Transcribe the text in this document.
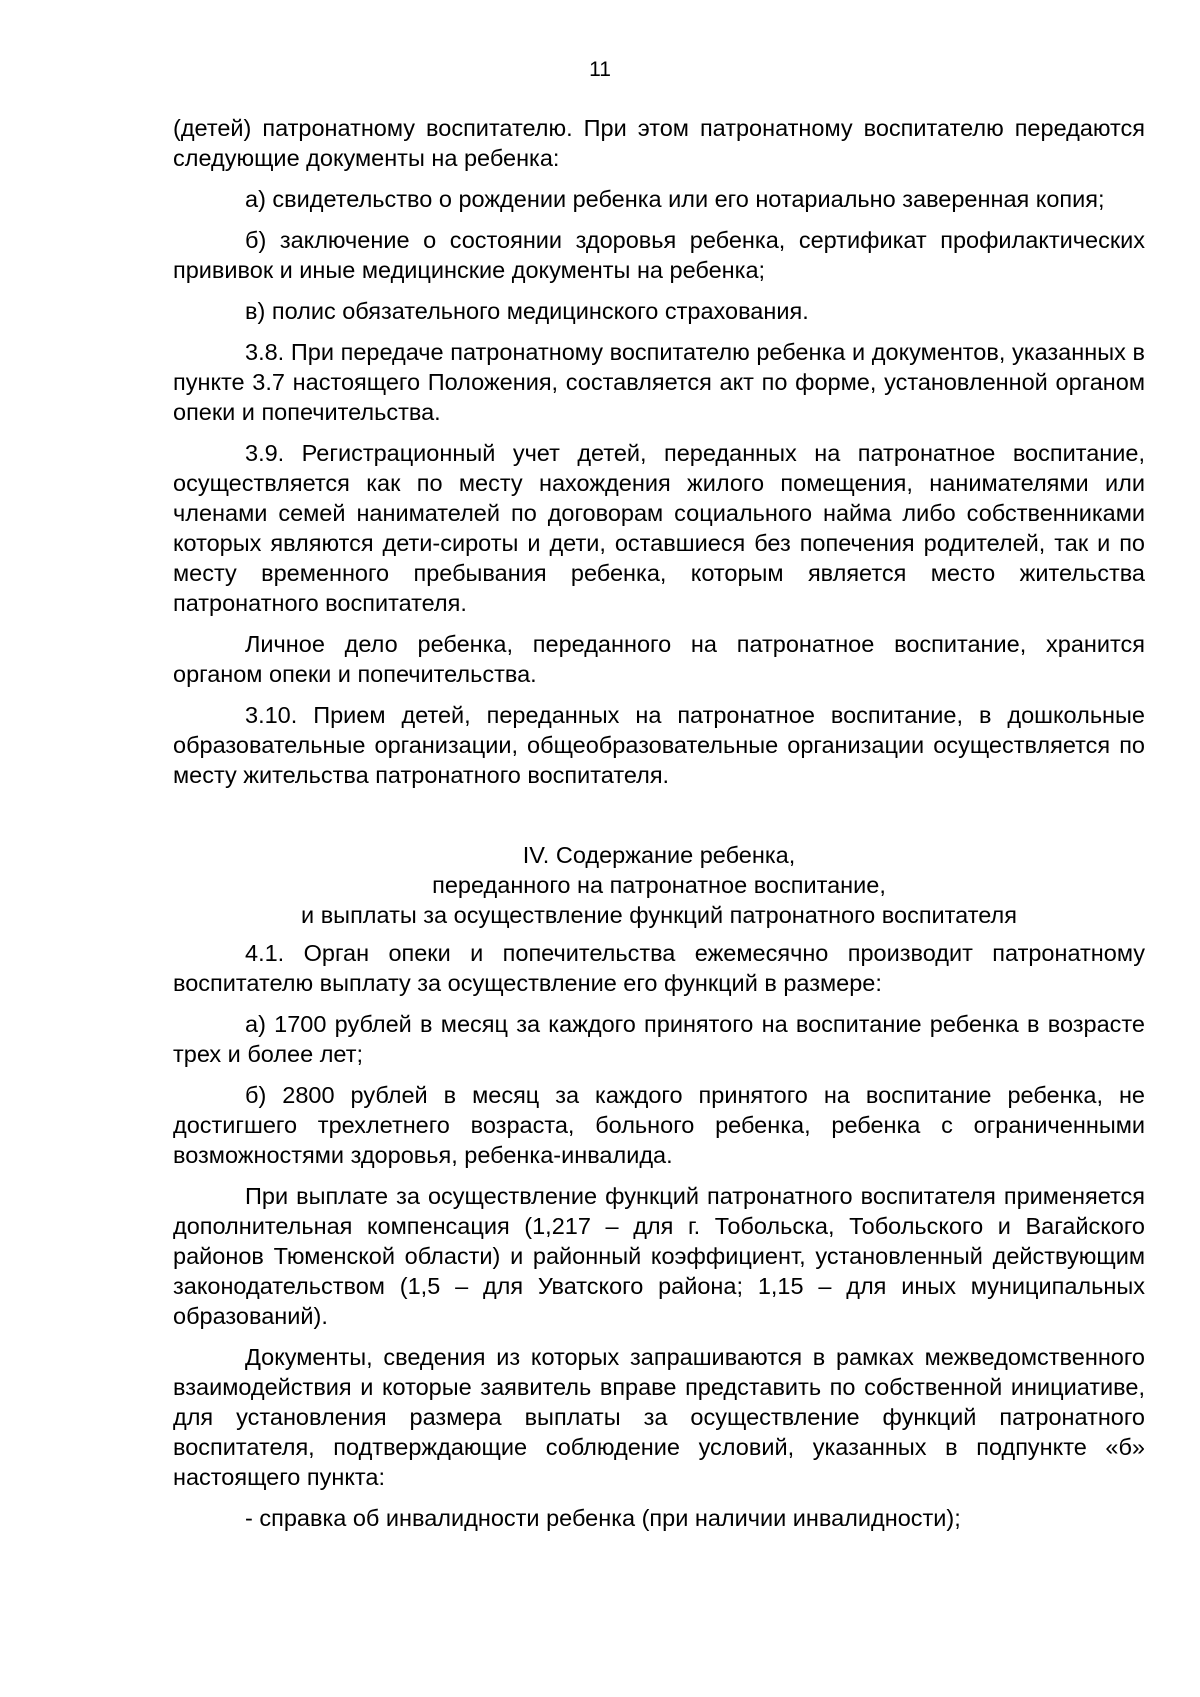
11

(детей) патронатному воспитателю. При этом патронатному воспитателю передаются следующие документы на ребенка:

а) свидетельство о рождении ребенка или его нотариально заверенная копия;

б) заключение о состоянии здоровья ребенка, сертификат профилактических прививок и иные медицинские документы на ребенка;

в) полис обязательного медицинского страхования.

3.8. При передаче патронатному воспитателю ребенка и документов, указанных в пункте 3.7 настоящего Положения, составляется акт по форме, установленной органом опеки и попечительства.

3.9. Регистрационный учет детей, переданных на патронатное воспитание, осуществляется как по месту нахождения жилого помещения, нанимателями или членами семей нанимателей по договорам социального найма либо собственниками которых являются дети-сироты и дети, оставшиеся без попечения родителей, так и по месту временного пребывания ребенка, которым является место жительства патронатного воспитателя.

Личное дело ребенка, переданного на патронатное воспитание, хранится органом опеки и попечительства.

3.10. Прием детей, переданных на патронатное воспитание, в дошкольные образовательные организации, общеобразовательные организации осуществляется по месту жительства патронатного воспитателя.

IV. Содержание ребенка,
переданного на патронатное воспитание,
и выплаты за осуществление функций патронатного воспитателя

4.1. Орган опеки и попечительства ежемесячно производит патронатному воспитателю выплату за осуществление его функций в размере:

а) 1700 рублей в месяц за каждого принятого на воспитание ребенка в возрасте трех и более лет;

б) 2800 рублей в месяц за каждого принятого на воспитание ребенка, не достигшего трехлетнего возраста, больного ребенка, ребенка с ограниченными возможностями здоровья, ребенка-инвалида.

При выплате за осуществление функций патронатного воспитателя применяется дополнительная компенсация (1,217 – для г. Тобольска, Тобольского и Вагайского районов Тюменской области) и районный коэффициент, установленный действующим законодательством (1,5 – для Уватского района; 1,15 – для иных муниципальных образований).

Документы, сведения из которых запрашиваются в рамках межведомственного взаимодействия и которые заявитель вправе представить по собственной инициативе, для установления размера выплаты за осуществление функций патронатного воспитателя, подтверждающие соблюдение условий, указанных в подпункте «б» настоящего пункта:

- справка об инвалидности ребенка (при наличии инвалидности);
